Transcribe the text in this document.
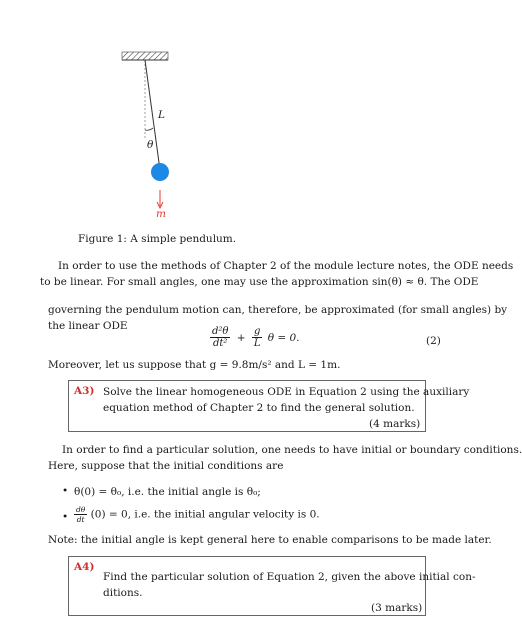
L
θ
m
Figure 1: A simple pendulum.
In order to use the methods of Chapter 2 of the module lecture notes, the ODE needs
to be linear. For small angles, one may use the approximation sin(θ) ≈ θ. The ODE
governing the pendulum motion can, therefore, be approximated (for small angles) by
the linear ODE	$\frac{\text{d²θ}}{\text{dt²}} + \frac{g}{L}$ θ = 0.	(2)
Moreover, let us suppose that g = 9.8m/s² and L = 1m.
A3) Solve the linear homogeneous ODE in Equation 2 using the auxiliary
equation method of Chapter 2 to find the general solution.
(4 marks)
In order to find a particular solution, one needs to have initial or boundary conditions.
Here, suppose that the initial conditions are
• θ(0) = θ₀, i.e. the initial angle is θ₀;
• $\frac{d\theta}{dt} (0) = 0$, i.e. the initial angular velocity is 0.
Note: the initial angle is kept general here to enable comparisons to be made later.
A4)
Find the particular solution of Equation 2, given the above initial con-
ditions.
(3 marks)
